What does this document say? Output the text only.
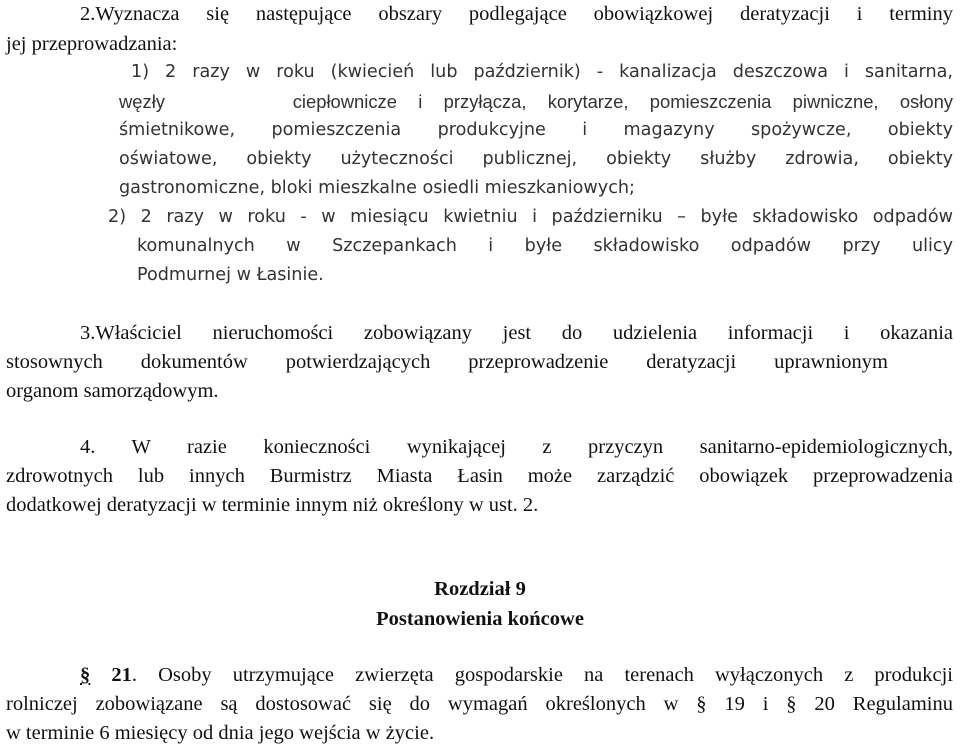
2.Wyznacza się następujące obszary podlegające obowiązkowej deratyzacji i terminy
jej przeprowadzania:
1) 2 razy w roku (kwiecień lub październik) - kanalizacja deszczowa i sanitarna,
węzły      ciepłownicze i przyłącza, korytarze, pomieszczenia piwniczne, osłony
śmietnikowe, pomieszczenia produkcyjne i magazyny spożywcze, obiekty
oświatowe, obiekty użyteczności publicznej, obiekty służby zdrowia, obiekty
gastronomiczne, bloki mieszkalne osiedli mieszkaniowych;
2) 2 razy w roku - w miesiącu kwietniu i październiku – byłe składowisko odpadów
komunalnych w Szczepankach i byłe składowisko odpadów przy ulicy
Podmurnej w Łasinie.
3.Właściciel nieruchomości zobowiązany jest do udzielenia informacji i okazania
stosownych dokumentów potwierdzających przeprowadzenie deratyzacji uprawnionym
organom samorządowym.
4. W razie konieczności wynikającej z przyczyn sanitarno-epidemiologicznych,
zdrowotnych lub innych Burmistrz Miasta Łasin może zarządzić obowiązek przeprowadzenia
dodatkowej deratyzacji w terminie innym niż określony w ust. 2.
Rozdział 9
Postanowienia końcowe
§ 21. Osoby utrzymujące zwierzęta gospodarskie na terenach wyłączonych z produkcji
rolniczej zobowiązane są dostosować się do wymagań określonych w § 19 i § 20 Regulaminu
w terminie 6 miesięcy od dnia jego wejścia w życie.
